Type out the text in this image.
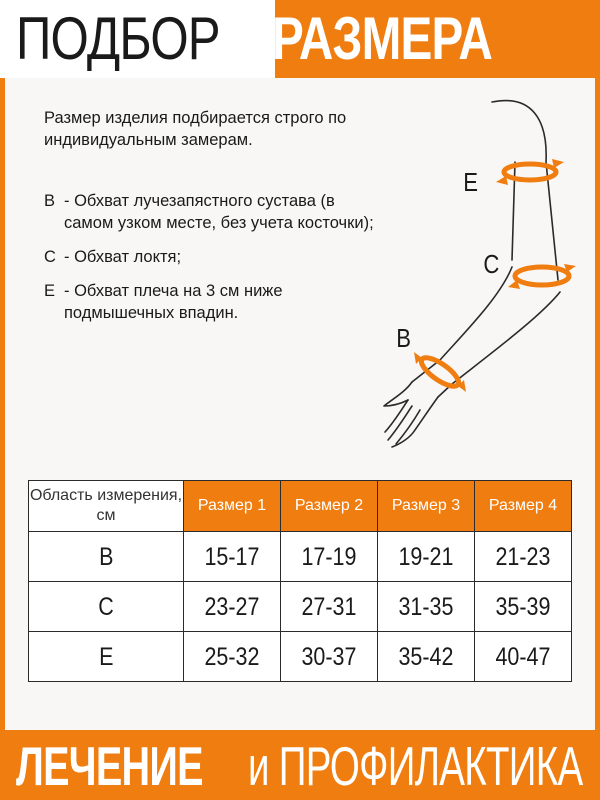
ПОДБОР РАЗМЕРА
Размер изделия подбирается строго по индивидуальным замерам.
B - Обхват лучезапястного сустава (в самом узком месте, без учета косточки);
C - Обхват локтя;
E - Обхват плеча на 3 см ниже подмышечных впадин.
E
C
B
Область измерения, см	Размер 1	Размер 2	Размер 3	Размер 4
B	15-17	17-19	19-21	21-23
C	23-27	27-31	31-35	35-39
E	25-32	30-37	35-42	40-47
ЛЕЧЕНИЕ и ПРОФИЛАКТИКА
